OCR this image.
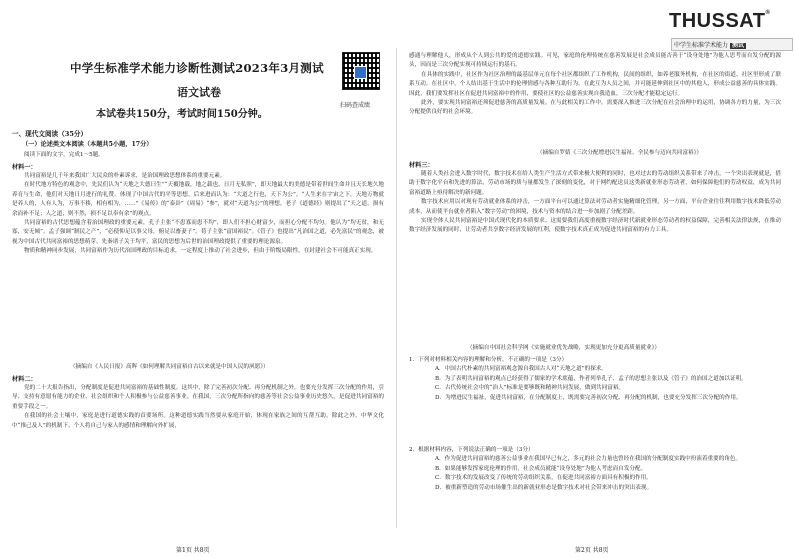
中学生标准学术能力诊断性测试2023年3月测试
语文试卷
本试卷共150分，考试时间150分钟。
扫码查成绩
一、现代文阅读（35分）
（一）论述类文本阅读（本题共5小题，17分）
阅读下面的文字，完成1～5题。
材料一：

共同富裕是几千年来我国广大民众的朴素诉求，是治国理政思想体系的重要元素。

在时代地方特色的观念中，先民们认为“天地之大德曰生”“天覆地载，地之载也，日月无私照”，即天地最大的美德是带着世间生命并且天长地久地养育与生命，他们对天地日月进行的礼赞，体现了中国古代的平等思想。后来进而认为：“大道之行也，天下为公”，“人生来在宇宙之下，天地万物就是养人的，人有人为，万事不移，相有相为，……”《易传》的“泰卦”《周易》“参”，就对“天道为公”的理想。老子《道德经》则提出了“天之道，损有余而补不足；人之道，则不然，损不足以奉有余”的观点。

共同富裕的古代思想蕴含着治国理政的重要元素，孔子主张“不患寡而患不均”，即人们不担心财富少，而担心分配不均匀。他认为“均无贫，和无寡，安无倾”。孟子强调“制民之产”，“必使仰足以事父母，俯足以畜妻子”。荀子主张“富国裕民”。《管子》也提出“凡治国之道，必先富民”的观念，被视为中国古代共同富裕的思想萌芽。先秦诸子关于均平、富民的思想为后世的治国理政提供了重要的理论源泉。

物质和精神同步发展，共同富裕作为历代治国理政的目标追求，一定程度上推动了社会进步，但由于阶级局限性，在封建社会不可能真正实现。

（摘编自《人民日报》高晖《如何理解共同富裕自古以来就是中国人民的夙愿》）
材料二：

党的二十大报告指出，分配制度是促进共同富裕的基础性制度。这其中，除了完善初次分配、再分配机制之外，也要充分发挥三次分配的作用，引导、支持有意愿有能力的企业、社会组织和个人积极参与公益慈善事业。在我国，三次分配所指向的慈善等社会公益事业历史悠久，是促进共同富裕的重要手段之一。

在我国的社会土壤中，家庭是进行道德实践的首要场所。这种道德实践当然要从家庭开始，体现在家族之间的互帮互助。除此之外，中华文化中“推己及人”的机制下，个人将自己与家人的感情和理解向外扩展，

第1页 共8页
THUSSAT®
中学生标准学术能力 测试

感通与理解他人，形成从个人到公共的爱的道德实践。可见，家庭的伦理传统在慈善发展是社会成员能否善于“设身处地”为他人思考而自发分配的源头，因而是三次分配实现可持续运行的基石。

在具体的实践中，社区作为社区治理的最基层单元在每个社区都组织了工作机构，民间的组织，如养老服务机构，在社区的街道、社区里形成了联系互动。在社区中，个人结出基于生活中的伦理情感与各种互助行为，在此互为人员之间，并可能延伸到社区中的其他人，形成公益慈善的具体实践。因此，我们要发挥社区在促进共同富裕中的作用，要使社区的公益慈善实现自我造血，三次分配才能稳定运行。

此外，要实现共同富裕还须促进慈善的高质量发展。在与此相关的工作中，需要深入推进三次分配在社会治理中的运用，协调各方的力量，为三次分配提供良好的社会环境。

（摘编自罗婧《三次分配增进民生福祉，全民参与迈向共同富裕》）
材料三：

随着人类社会进入数字时代，数字技术在给人类生产生活方式带来极大便利的同时，也对过去的劳动组织关系带来了冲击，一个突出表现就是，借助于数字化平台和先进的算法，劳动市场的质与量都发生了深刻的变化，对于网约配送员这类新就业形态劳动者，如何保障他们的劳动权益，成为共同富裕道路上亟待解决的新问题。

数字技术应用以对现有劳动就业体系的冲击，一方面平台可以通过算法对劳动者实施精细化管理，另一方面，平台企业往往利用数字技术降低劳动成本，从而使平台就业者陷入“数字劳动”的困境，技术与资本的结合进一步加剧了分配差距。

实现全体人民共同富裕是中国式现代化的本质要求。这需要我们高度重视数字经济时代新就业形态劳动者的权益保障，完善相关法律法规，在推动数字经济发展的同时，让劳动者共享数字经济发展的红利，使数字技术真正成为促进共同富裕的有力工具。

（摘编自中国社会科学网《实施就业优先战略，实现更加充分更高质量就业》）
1．下列对材料相关内容的理解和分析，不正确的一项是（3分）

A．中国古代朴素的共同富裕观念源自我国古人对“天地之道”的探求。

B．为了表明共同富裕的观点已经获得了儒家的学术底蕴，作者列举孔子、孟子的思想主张以及《管子》的治国之道加以证明。

C．古代传统社会中的“治人”标准是要够既和精神共同发展，做到共同富裕。

D．为增进民生福祉，促进共同富裕，在分配制度上，既需要完善初次分配、再分配的机制，也要充分发挥三次分配的作用。

2．根据材料内容，下列说法正确的一项是（3分）

A．作为促进共同富裕的慈善公益事业在我国早已有之，多元的社会力量也曾经在我国的分配制度实践中扮演着重要的角色。

B．如果能够发挥家庭伦理的作用，社会成员就能“设身处地”为他人考虑而自发分配。

C．数字技术的发展改变了传统的劳动组织关系，在促进共同富裕方面具有积极的作用。

D．被重新塑造的劳动市场催生出的新就业形态是数字技术对社会带来冲击的突出表现。

第2页 共8页
